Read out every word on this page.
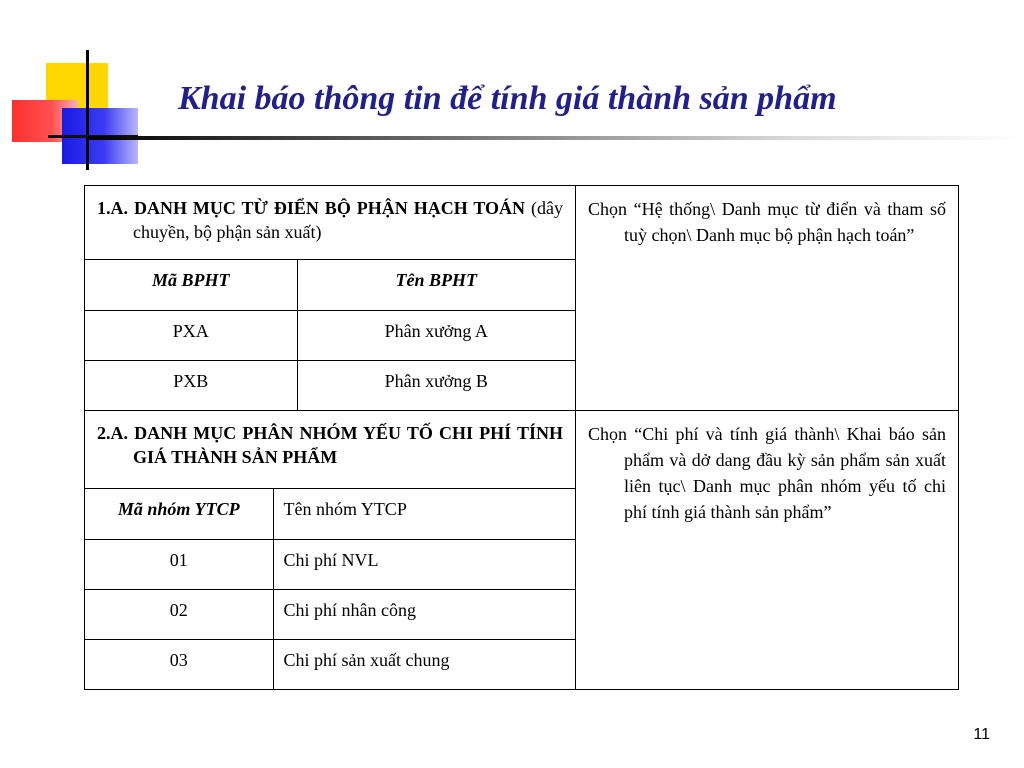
Khai báo thông tin để tính giá thành sản phẩm
1.A. DANH MỤC TỪ ĐIỂN BỘ PHẬN HẠCH TOÁN (dây chuyền, bộ phận sản xuất)
Mã BPHT	Tên BPHT
PXA	Phân xưởng A
PXB	Phân xưởng B

Chọn “Hệ thống\ Danh mục từ điển và tham số tuỳ chọn\ Danh mục bộ phận hạch toán”

2.A. DANH MỤC PHÂN NHÓM YẾU TỐ CHI PHÍ TÍNH GIÁ THÀNH SẢN PHẨM
Mã nhóm YTCP	Tên nhóm YTCP
01	Chi phí NVL
02	Chi phí nhân công
03	Chi phí sản xuất chung

Chọn “Chi phí và tính giá thành\ Khai báo sản phẩm và dở dang đầu kỳ sản phẩm sản xuất liên tục\ Danh mục phân nhóm yếu tố chi phí tính giá thành sản phẩm”
11
